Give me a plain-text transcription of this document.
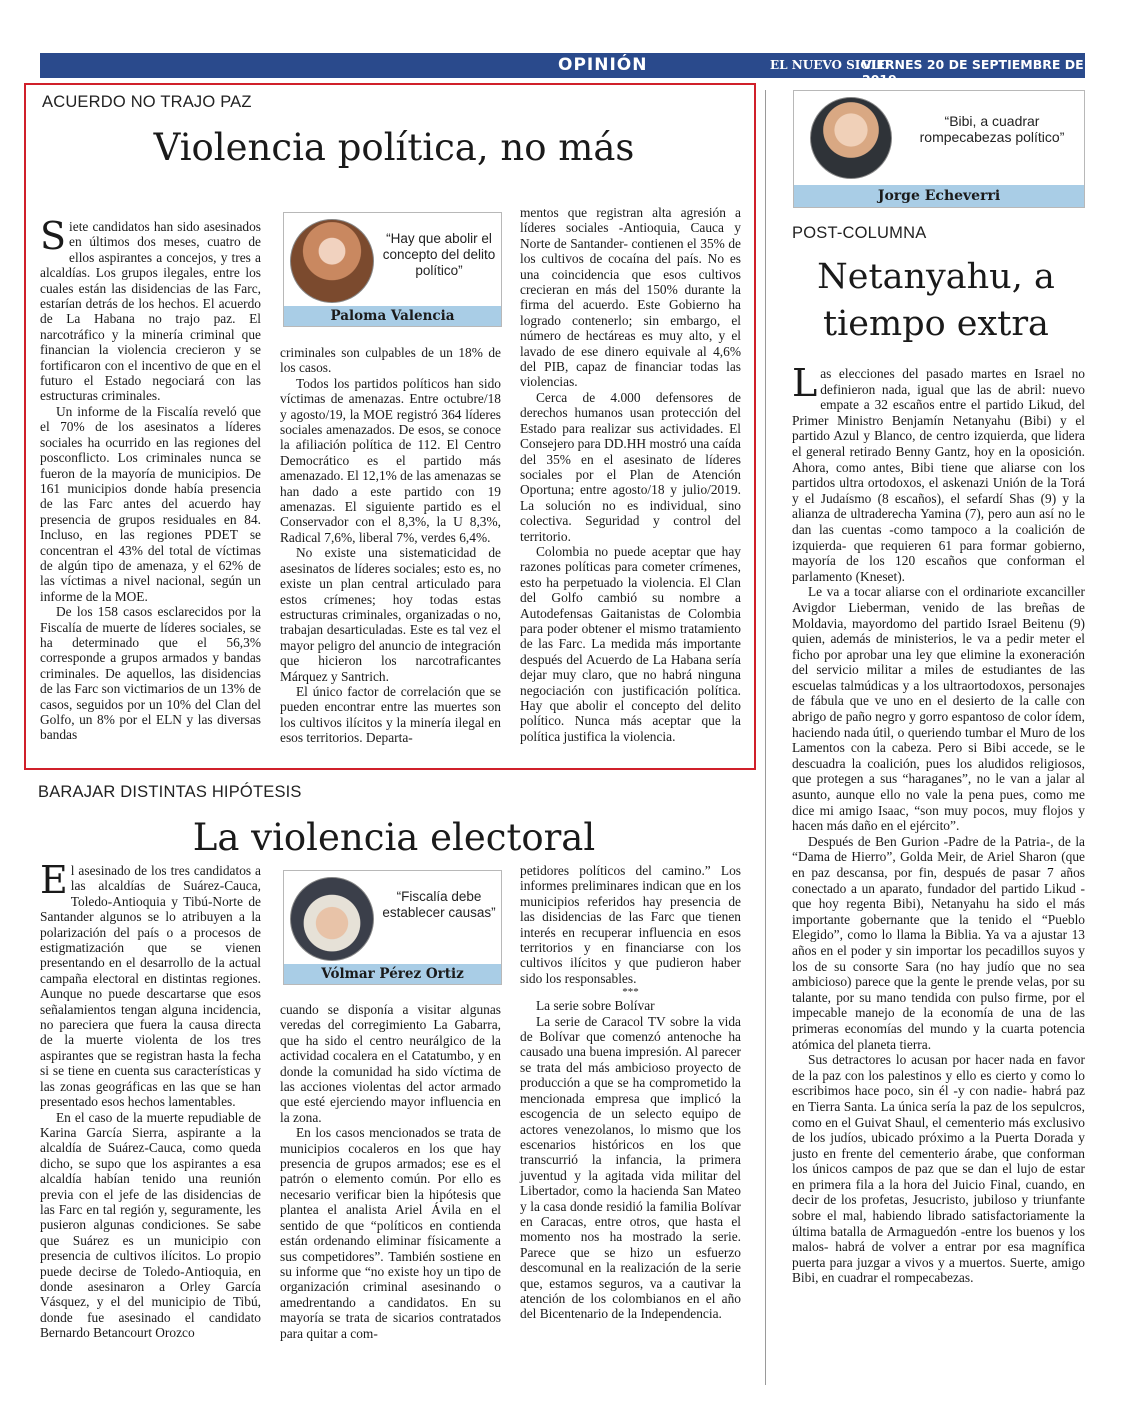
OPINIÓN	EL NUEVO SIGLO
VIERNES 20 DE SEPTIEMBRE DE 2019
9A
ACUERDO NO TRAJO PAZ
Violencia política, no más

Siete candidatos han sido asesinados en últimos dos meses, cuatro de ellos aspirantes a concejos, y tres a alcaldías. Los grupos ilegales, entre los cuales están las disidencias de las Farc, estarían detrás de los hechos. El acuerdo de La Habana no trajo paz. El narcotráfico y la minería criminal que financian la violencia crecieron y se fortificaron con el incentivo de que en el futuro el Estado negociará con las estructuras criminales.

Un informe de la Fiscalía reveló que el 70% de los asesinatos a líderes sociales ha ocurrido en las regiones del posconflicto. Los criminales nunca se fueron de la mayoría de municipios. De 161 municipios donde había presencia de las Farc antes del acuerdo hay presencia de grupos residuales en 84. Incluso, en las regiones PDET se concentran el 43% del total de víctimas de algún tipo de amenaza, y el 62% de las víctimas a nivel nacional, según un informe de la MOE.

De los 158 casos esclarecidos por la Fiscalía de muerte de líderes sociales, se ha determinado que el 56,3% corresponde a grupos armados y bandas criminales. De aquellos, las disidencias de las Farc son victimarios de un 13% de casos, seguidos por un 10% del Clan del Golfo, un 8% por el ELN y las diversas bandas

“Hay que abolir el concepto del delito político”
Paloma Valencia

criminales son culpables de un 18% de los casos.

Todos los partidos políticos han sido víctimas de amenazas. Entre octubre/18 y agosto/19, la MOE registró 364 líderes sociales amenazados. De esos, se conoce la afiliación política de 112. El Centro Democrático es el partido más amenazado. El 12,1% de las amenazas se han dado a este partido con 19 amenazas. El siguiente partido es el Conservador con el 8,3%, la U 8,3%, Radical 7,6%, liberal 7%, verdes 6,4%.

No existe una sistematicidad de asesinatos de líderes sociales; esto es, no existe un plan central articulado para estos crímenes; hoy todas estas estructuras criminales, organizadas o no, trabajan desarticuladas. Este es tal vez el mayor peligro del anuncio de integración que hicieron los narcotraficantes Márquez y Santrich.

El único factor de correlación que se pueden encontrar entre las muertes son los cultivos ilícitos y la minería ilegal en esos territorios. Departa-

mentos que registran alta agresión a líderes sociales -Antioquia, Cauca y Norte de Santander- contienen el 35% de los cultivos de cocaína del país. No es una coincidencia que esos cultivos crecieran en más del 150% durante la firma del acuerdo. Este Gobierno ha logrado contenerlo; sin embargo, el número de hectáreas es muy alto, y el lavado de ese dinero equivale al 4,6% del PIB, capaz de financiar todas las violencias.

Cerca de 4.000 defensores de derechos humanos usan protección del Estado para realizar sus actividades. El Consejero para DD.HH mostró una caída del 35% en el asesinato de líderes sociales por el Plan de Atención Oportuna; entre agosto/18 y julio/2019. La solución no es individual, sino colectiva. Seguridad y control del territorio.

Colombia no puede aceptar que hay razones políticas para cometer crímenes, esto ha perpetuado la violencia. El Clan del Golfo cambió su nombre a Autodefensas Gaitanistas de Colombia para poder obtener el mismo tratamiento de las Farc. La medida más importante después del Acuerdo de La Habana sería dejar muy claro, que no habrá ninguna negociación con justificación política. Hay que abolir el concepto del delito político. Nunca más aceptar que la política justifica la violencia.

BARAJAR DISTINTAS HIPÓTESIS
La violencia electoral

El asesinado de los tres candidatos a las alcaldías de Suárez-Cauca, Toledo-Antioquia y Tibú-Norte de Santander algunos se lo atribuyen a la polarización del país o a procesos de estigmatización que se vienen presentando en el desarrollo de la actual campaña electoral en distintas regiones. Aunque no puede descartarse que esos señalamientos tengan alguna incidencia, no pareciera que fuera la causa directa de la muerte violenta de los tres aspirantes que se registran hasta la fecha si se tiene en cuenta sus características y las zonas geográficas en las que se han presentado esos hechos lamentables.

En el caso de la muerte repudiable de Karina García Sierra, aspirante a la alcaldía de Suárez-Cauca, como queda dicho, se supo que los aspirantes a esa alcaldía habían tenido una reunión previa con el jefe de las disidencias de las Farc en tal región y, seguramente, les pusieron algunas condiciones. Se sabe que Suárez es un municipio con presencia de cultivos ilícitos. Lo propio puede decirse de Toledo-Antioquia, en donde asesinaron a Orley García Vásquez, y el del municipio de Tibú, donde fue asesinado el candidato Bernardo Betancourt Orozco

“Fiscalía debe establecer causas”
Vólmar Pérez Ortiz

cuando se disponía a visitar algunas veredas del corregimiento La Gabarra, que ha sido el centro neurálgico de la actividad cocalera en el Catatumbo, y en donde la comunidad ha sido víctima de las acciones violentas del actor armado que esté ejerciendo mayor influencia en la zona.

En los casos mencionados se trata de municipios cocaleros en los que hay presencia de grupos armados; ese es el patrón o elemento común. Por ello es necesario verificar bien la hipótesis que plantea el analista Ariel Ávila en el sentido de que “políticos en contienda están ordenando eliminar físicamente a sus competidores”. También sostiene en su informe que “no existe hoy un tipo de organización criminal asesinando o amedrentando a candidatos. En su mayoría se trata de sicarios contratados para quitar a com-

petidores políticos del camino.” Los informes preliminares indican que en los municipios referidos hay presencia de las disidencias de las Farc que tienen interés en recuperar influencia en esos territorios y en financiarse con los cultivos ilícitos y que pudieron haber sido los responsables.

***

La serie sobre Bolívar

La serie de Caracol TV sobre la vida de Bolívar que comenzó antenoche ha causado una buena impresión. Al parecer se trata del más ambicioso proyecto de producción a que se ha comprometido la mencionada empresa que implicó la escogencia de un selecto equipo de actores venezolanos, lo mismo que los escenarios históricos en los que transcurrió la infancia, la primera juventud y la agitada vida militar del Libertador, como la hacienda San Mateo y la casa donde residió la familia Bolívar en Caracas, entre otros, que hasta el momento nos ha mostrado la serie. Parece que se hizo un esfuerzo descomunal en la realización de la serie que, estamos seguros, va a cautivar la atención de los colombianos en el año del Bicentenario de la Independencia.

“Bibi, a cuadrar rompecabezas político”
Jorge Echeverri
POST-COLUMNA
Netanyahu, a
tiempo extra

Las elecciones del pasado martes en Israel no definieron nada, igual que las de abril: nuevo empate a 32 escaños entre el partido Likud, del Primer Ministro Benjamín Netanyahu (Bibi) y el partido Azul y Blanco, de centro izquierda, que lidera el general retirado Benny Gantz, hoy en la oposición. Ahora, como antes, Bibi tiene que aliarse con los partidos ultra ortodoxos, el askenazi Unión de la Torá y el Judaísmo (8 escaños), el sefardí Shas (9) y la alianza de ultraderecha Yamina (7), pero aun así no le dan las cuentas -como tampoco a la coalición de izquierda- que requieren 61 para formar gobierno, mayoría de los 120 escaños que conforman el parlamento (Kneset).

Le va a tocar aliarse con el ordinariote excanciller Avigdor Lieberman, venido de las breñas de Moldavia, mayordomo del partido Israel Beitenu (9) quien, además de ministerios, le va a pedir meter el ficho por aprobar una ley que elimine la exoneración del servicio militar a miles de estudiantes de las escuelas talmúdicas y a los ultraortodoxos, personajes de fábula que ve uno en el desierto de la calle con abrigo de paño negro y gorro espantoso de color ídem, haciendo nada útil, o queriendo tumbar el Muro de los Lamentos con la cabeza. Pero si Bibi accede, se le descuadra la coalición, pues los aludidos religiosos, que protegen a sus “haraganes”, no le van a jalar al asunto, aunque ello no vale la pena pues, como me dice mi amigo Isaac, “son muy pocos, muy flojos y hacen más daño en el ejército”.

Después de Ben Gurion -Padre de la Patria-, de la “Dama de Hierro”, Golda Meir, de Ariel Sharon (que en paz descansa, por fin, después de pasar 7 años conectado a un aparato, fundador del partido Likud -que hoy regenta Bibi), Netanyahu ha sido el más importante gobernante que la tenido el “Pueblo Elegido”, como lo llama la Biblia. Ya va a ajustar 13 años en el poder y sin importar los pecadillos suyos y los de su consorte Sara (no hay judío que no sea ambicioso) parece que la gente le prende velas, por su talante, por su mano tendida con pulso firme, por el impecable manejo de la economía de una de las primeras economías del mundo y la cuarta potencia atómica del planeta tierra.

Sus detractores lo acusan por hacer nada en favor de la paz con los palestinos y ello es cierto y como lo escribimos hace poco, sin él -y con nadie- habrá paz en Tierra Santa. La única sería la paz de los sepulcros, como en el Guivat Shaul, el cementerio más exclusivo de los judíos, ubicado próximo a la Puerta Dorada y justo en frente del cementerio árabe, que conforman los únicos campos de paz que se dan el lujo de estar en primera fila a la hora del Juicio Final, cuando, en decir de los profetas, Jesucristo, jubiloso y triunfante sobre el mal, habiendo librado satisfactoriamente la última batalla de Armaguedón -entre los buenos y los malos- habrá de volver a entrar por esa magnífica puerta para juzgar a vivos y a muertos. Suerte, amigo Bibi, en cuadrar el rompecabezas.
